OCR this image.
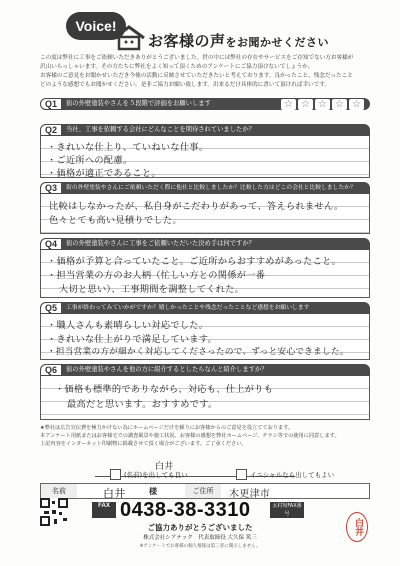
Voice!
お客様の声をお聞かせください
この度は弊社に工事をご依頼いただきありがとうございました。世の中には弊社の存在やサービスをご存知でない方お客様が
沢山いらっしゃいます。その方たちに弊社をよく知って頂くためのアンケートにご協力頂けないでしょうか。
お客様のご意見をお聞かせいただき今後の活動に反映させていただきたいと考えております。良かったこと、残念だったこと
どのような感想でもお聞かせください。是非ご協力お願い致します。出来るだけ具体的に書いて頂ければ幸いです。
Q1	街の外壁塗装やさんを５段階で評価をお願いします	☆ ☆ ☆ ☆ ☆
Q2	当社、工事を依頼する会社にどんなことを期待されていましたか？
・きれいな仕上り、ていねいな仕事。
・ご近所への配慮。
・価格が適正であること。
Q3	街の外壁塗装やさんにご依頼いただく際に他社と比較しましたか？比較した方はどこの会社と比較しましたか？
比較はしなかったが、私自身がこだわりがあって、答えられません。
色々とても高い見積りでした。
Q4	街の外壁塗装やさんに工事をご依頼いただいた決め手は何ですか？
・価格が予算と合っていたこと。ご近所からおすすめがあったこと。
・担当営業の方のお人柄（忙しい方との関係が一番
大切と思い）、工事期間を調整してくれた。
Q5	工事が終わってみていかがですか？嬉しかったことや残念だったことなど感想をお願いします
・職人さんも素晴らしい対応でした。
・きれいな仕上がりで満足しています。
・担当営業の方が細かく対応してくださったので、ずっと安心できました。
Q6	街の外壁塗装やさんを他の方に紹介するとしたらなんと紹介しますか？
・価格も標準的でありながら、対応も、仕上がりも
最高だと思います。おすすめです。
★弊社は広告宣伝費を極力かけない為にホームページだけを頼りにお客様からのご意見を役立てております。
本アンケート用紙またはお客様宅での調査風景や施工状況、お客様の感想を弊社ホームページ、チラシ等での使用に同意します。
上記内容をインターネット印刷物に掲載させて頂く場合がございます。ご了承ください。
白井
(名前)を出しても良い	イニシャルなら出してもよい
名前	白井	様	ご住所	木更津市
FAX 0438-38-3310	太村宛FAX番号
ご協力ありがとうございました
株式会社シアテック　代表取締役 大久保 篤三
※アンケートでお客様の個人情報は第三者に開示しません。
白井
